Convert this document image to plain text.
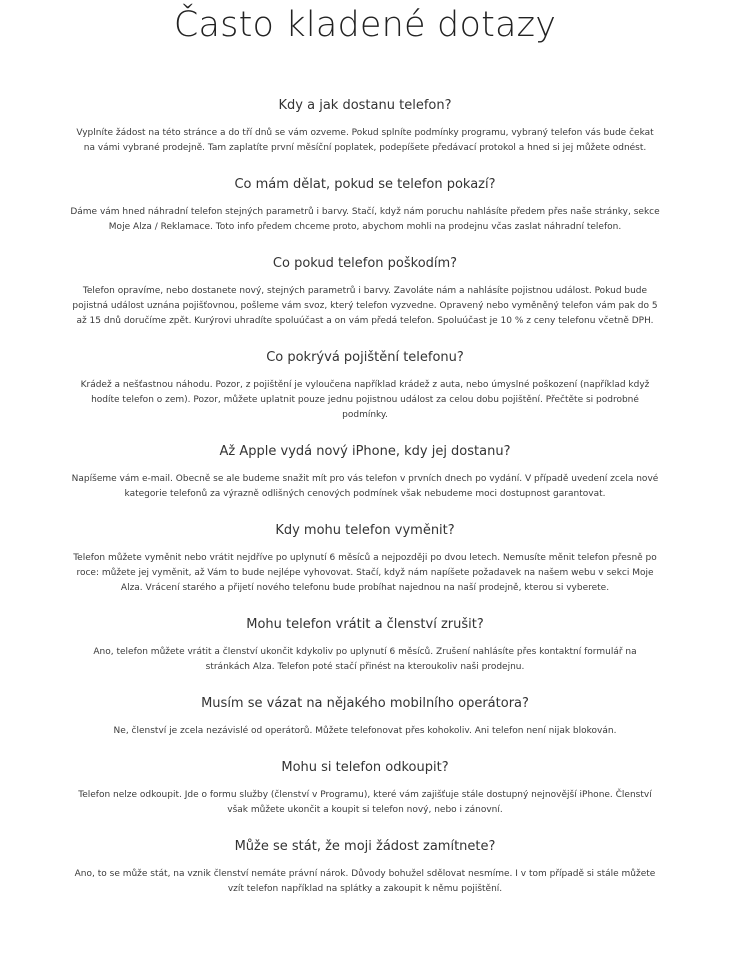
Často kladené dotazy
Kdy a jak dostanu telefon?

Vyplníte žádost na této stránce a do tří dnů se vám ozveme. Pokud splníte podmínky programu, vybraný telefon vás bude čekat na vámi vybrané prodejně. Tam zaplatíte první měsíční poplatek, podepíšete předávací protokol a hned si jej můžete odnést.

Co mám dělat, pokud se telefon pokazí?

Dáme vám hned náhradní telefon stejných parametrů i barvy. Stačí, když nám poruchu nahlásíte předem přes naše stránky, sekce Moje Alza / Reklamace. Toto info předem chceme proto, abychom mohli na prodejnu včas zaslat náhradní telefon.

Co pokud telefon poškodím?

Telefon opravíme, nebo dostanete nový, stejných parametrů i barvy. Zavoláte nám a nahlásíte pojistnou událost. Pokud bude pojistná událost uznána pojišťovnou, pošleme vám svoz, který telefon vyzvedne. Opravený nebo vyměněný telefon vám pak do 5 až 15 dnů doručíme zpět. Kurýrovi uhradíte spoluúčast a on vám předá telefon. Spoluúčast je 10 % z ceny telefonu včetně DPH.

Co pokrývá pojištění telefonu?

Krádež a nešťastnou náhodu. Pozor, z pojištění je vyloučena například krádež z auta, nebo úmyslné poškození (například když hodíte telefon o zem). Pozor, můžete uplatnit pouze jednu pojistnou událost za celou dobu pojištění. Přečtěte si podrobné podmínky.

Až Apple vydá nový iPhone, kdy jej dostanu?

Napíšeme vám e-mail. Obecně se ale budeme snažit mít pro vás telefon v prvních dnech po vydání. V případě uvedení zcela nové kategorie telefonů za výrazně odlišných cenových podmínek však nebudeme moci dostupnost garantovat.

Kdy mohu telefon vyměnit?

Telefon můžete vyměnit nebo vrátit nejdříve po uplynutí 6 měsíců a nejpozději po dvou letech. Nemusíte měnit telefon přesně po roce: můžete jej vyměnit, až Vám to bude nejlépe vyhovovat. Stačí, když nám napíšete požadavek na našem webu v sekci Moje Alza. Vrácení starého a přijetí nového telefonu bude probíhat najednou na naší prodejně, kterou si vyberete.

Mohu telefon vrátit a členství zrušit?

Ano, telefon můžete vrátit a členství ukončit kdykoliv po uplynutí 6 měsíců. Zrušení nahlásíte přes kontaktní formulář na stránkách Alza. Telefon poté stačí přinést na kteroukoliv naši prodejnu.

Musím se vázat na nějakého mobilního operátora?

Ne, členství je zcela nezávislé od operátorů. Můžete telefonovat přes kohokoliv. Ani telefon není nijak blokován.

Mohu si telefon odkoupit?

Telefon nelze odkoupit. Jde o formu služby (členství v Programu), které vám zajišťuje stále dostupný nejnovější iPhone. Členství však můžete ukončit a koupit si telefon nový, nebo i zánovní.

Může se stát, že moji žádost zamítnete?

Ano, to se může stát, na vznik členství nemáte právní nárok. Důvody bohužel sdělovat nesmíme. I v tom případě si stále můžete vzít telefon například na splátky a zakoupit k němu pojištění.
